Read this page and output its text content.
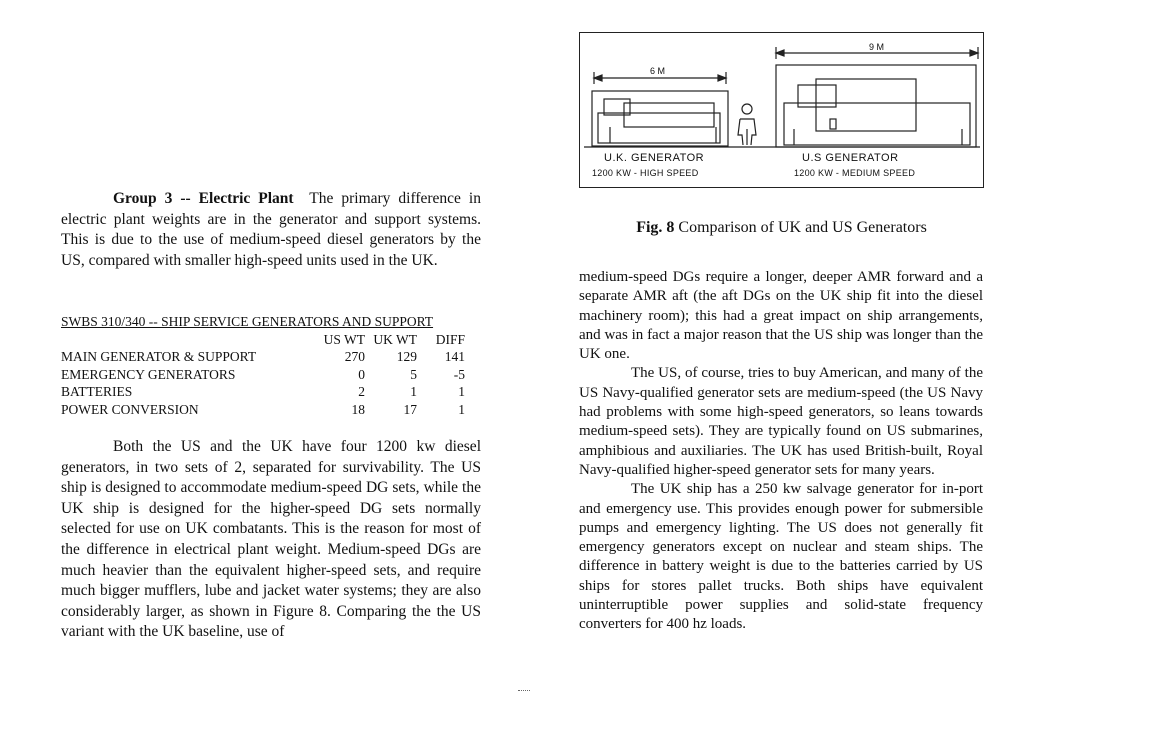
6 M
9 M
U.K. GENERATOR
1200 KW - HIGH SPEED
U.S GENERATOR
1200 KW - MEDIUM SPEED
Fig. 8 Comparison of UK and US Generators

Group 3 -- Electric Plant The primary difference in electric plant weights are in the generator and support systems. This is due to the use of medium-speed diesel generators by the US, compared with smaller high-speed units used in the UK.

SWBS 310/340 -- SHIP SERVICE GENERATORS AND SUPPORT
	US WT	UK WT	DIFF
MAIN GENERATOR & SUPPORT	270	129	141
EMERGENCY GENERATORS	0	5	-5
BATTERIES	2	1	1
POWER CONVERSION	18	17	1

Both the US and the UK have four 1200 kw diesel generators, in two sets of 2, separated for survivability. The US ship is designed to accommodate medium-speed DG sets, while the UK ship is designed for the higher-speed DG sets normally selected for use on UK combatants. This is the reason for most of the difference in electrical plant weight. Medium-speed DGs are much heavier than the equivalent higher-speed sets, and require much bigger mufflers, lube and jacket water systems; they are also considerably larger, as shown in Figure 8. Comparing the the US variant with the UK baseline, use of

medium-speed DGs require a longer, deeper AMR forward and a separate AMR aft (the aft DGs on the UK ship fit into the diesel machinery room); this had a great impact on ship arrangements, and was in fact a major reason that the US ship was longer than the UK one.

The US, of course, tries to buy American, and many of the US Navy-qualified generator sets are medium-speed (the US Navy had problems with some high-speed generators, so leans towards medium-speed sets). They are typically found on US submarines, amphibious and auxiliaries. The UK has used British-built, Royal Navy-qualified higher-speed generator sets for many years.

The UK ship has a 250 kw salvage generator for in-port and emergency use. This provides enough power for submersible pumps and emergency lighting. The US does not generally fit emergency generators except on nuclear and steam ships. The difference in battery weight is due to the batteries carried by US ships for stores pallet trucks. Both ships have equivalent uninterruptible power supplies and solid-state frequency converters for 400 hz loads.
